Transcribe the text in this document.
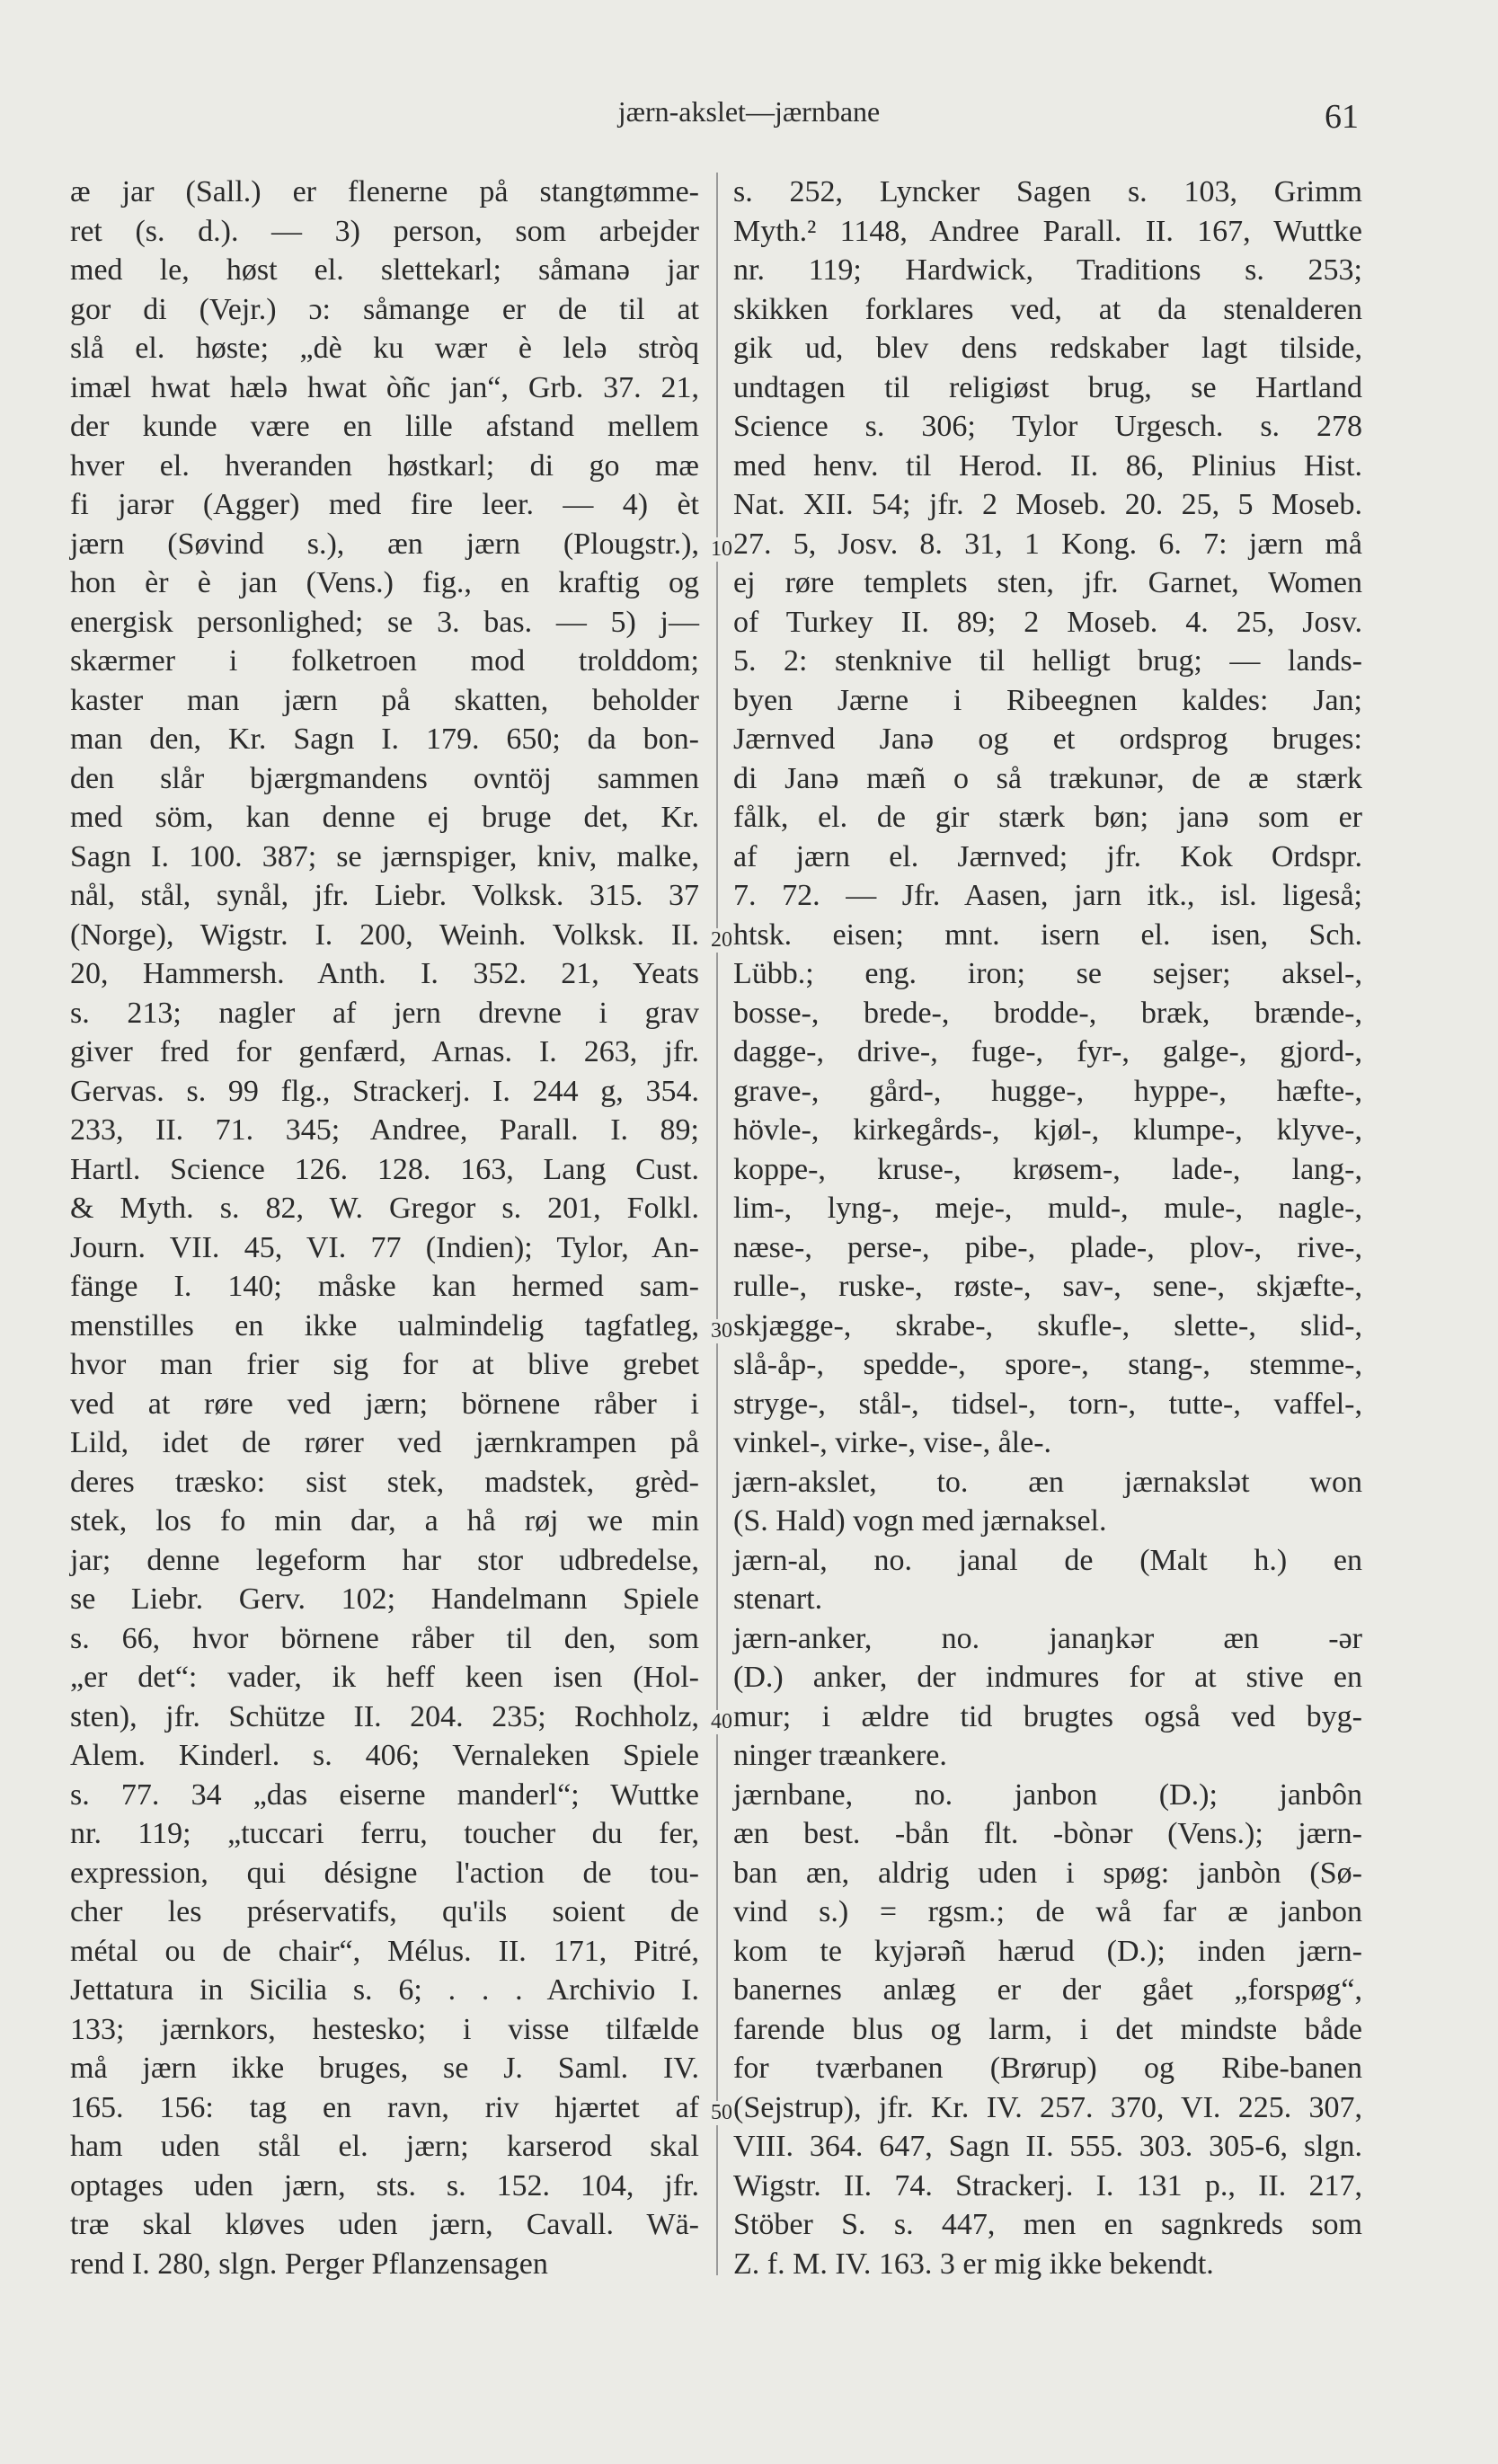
jærn-akslet—jærnbane	61
10
20
30
40
50
æ jar (Sall.) er flenerne på stangtømme-
ret (s. d.). — 3) person, som arbejder
med le, høst el. slettekarl; såmanə jar
gor di (Vejr.) ɔ: såmange er de til at
slå el. høste; „dè ku wær è lelə stròq
imæl hwat hælə hwat òñc jan“, Grb. 37. 21,
der kunde være en lille afstand mellem
hver el. hveranden høstkarl; di go mæ
fi jarər (Agger) med fire leer. — 4) èt
jærn (Søvind s.), æn jærn (Plougstr.),
hon èr è jan (Vens.) fig., en kraftig og
energisk personlighed; se 3. bas. — 5) j—
skærmer i folketroen mod trolddom;
kaster man jærn på skatten, beholder
man den, Kr. Sagn I. 179. 650; da bon-
den slår bjærgmandens ovntöj sammen
med söm, kan denne ej bruge det, Kr.
Sagn I. 100. 387; se jærnspiger, kniv, malke,
nål, stål, synål, jfr. Liebr. Volksk. 315. 37
(Norge), Wigstr. I. 200, Weinh. Volksk. II.
20, Hammersh. Anth. I. 352. 21, Yeats
s. 213; nagler af jern drevne i grav
giver fred for genfærd, Arnas. I. 263, jfr.
Gervas. s. 99 flg., Strackerj. I. 244 g, 354.
233, II. 71. 345; Andree, Parall. I. 89;
Hartl. Science 126. 128. 163, Lang Cust.
& Myth. s. 82, W. Gregor s. 201, Folkl.
Journ. VII. 45, VI. 77 (Indien); Tylor, An-
fänge I. 140; måske kan hermed sam-
menstilles en ikke ualmindelig tagfatleg,
hvor man frier sig for at blive grebet
ved at røre ved jærn; börnene råber i
Lild, idet de rører ved jærnkrampen på
deres træsko: sist stek, madstek, grèd-
stek, los fo min dar, a hå røj we min
jar; denne legeform har stor udbredelse,
se Liebr. Gerv. 102; Handelmann Spiele
s. 66, hvor börnene råber til den, som
„er det“: vader, ik heff keen isen (Hol-
sten), jfr. Schütze II. 204. 235; Rochholz,
Alem. Kinderl. s. 406; Vernaleken Spiele
s. 77. 34 „das eiserne manderl“; Wuttke
nr. 119; „tuccari ferru, toucher du fer,
expression, qui désigne l'action de tou-
cher les préservatifs, qu'ils soient de
métal ou de chair“, Mélus. II. 171, Pitré,
Jettatura in Sicilia s. 6; . . . Archivio I.
133; jærnkors, hestesko; i visse tilfælde
må jærn ikke bruges, se J. Saml. IV.
165. 156: tag en ravn, riv hjærtet af
ham uden stål el. jærn; karserod skal
optages uden jærn, sts. s. 152. 104, jfr.
træ skal kløves uden jærn, Cavall. Wä-
rend I. 280, slgn. Perger Pflanzensagen
s. 252, Lyncker Sagen s. 103, Grimm
Myth.² 1148, Andree Parall. II. 167, Wuttke
nr. 119; Hardwick, Traditions s. 253;
skikken forklares ved, at da stenalderen
gik ud, blev dens redskaber lagt tilside,
undtagen til religiøst brug, se Hartland
Science s. 306; Tylor Urgesch. s. 278
med henv. til Herod. II. 86, Plinius Hist.
Nat. XII. 54; jfr. 2 Moseb. 20. 25, 5 Moseb.
27. 5, Josv. 8. 31, 1 Kong. 6. 7: jærn må
ej røre templets sten, jfr. Garnet, Women
of Turkey II. 89; 2 Moseb. 4. 25, Josv.
5. 2: stenknive til helligt brug; — lands-
byen Jærne i Ribeegnen kaldes: Jan;
Jærnved Janə og et ordsprog bruges:
di Janə mæñ o så trækunər, de æ stærk
fålk, el. de gir stærk bøn; janə som er
af jærn el. Jærnved; jfr. Kok Ordspr.
7. 72. — Jfr. Aasen, jarn itk., isl. ligeså;
htsk. eisen; mnt. isern el. isen, Sch.
Lübb.; eng. iron; se sejser; aksel-,
bosse-, brede-, brodde-, bræk, brænde-,
dagge-, drive-, fuge-, fyr-, galge-, gjord-,
grave-, gård-, hugge-, hyppe-, hæfte-,
hövle-, kirkegårds-, kjøl-, klumpe-, klyve-,
koppe-, kruse-, krøsem-, lade-, lang-,
lim-, lyng-, meje-, muld-, mule-, nagle-,
næse-, perse-, pibe-, plade-, plov-, rive-,
rulle-, ruske-, røste-, sav-, sene-, skjæfte-,
skjægge-, skrabe-, skufle-, slette-, slid-,
slå-åp-, spedde-, spore-, stang-, stemme-,
stryge-, stål-, tidsel-, torn-, tutte-, vaffel-,
vinkel-, virke-, vise-, åle-.
jærn-akslet, to. æn jærnakslət won
(S. Hald) vogn med jærnaksel.
jærn-al, no. janal de (Malt h.) en
stenart.
jærn-anker, no. janaŋkər æn -ər
(D.) anker, der indmures for at stive en
mur; i ældre tid brugtes også ved byg-
ninger træankere.
jærnbane, no. janbon (D.); janbôn
æn best. -bån flt. -bònər (Vens.); jærn-
ban æn, aldrig uden i spøg: janbòn (Sø-
vind s.) = rgsm.; de wå far æ janbon
kom te kyjərəñ hærud (D.); inden jærn-
banernes anlæg er der gået „forspøg“,
farende blus og larm, i det mindste både
for tværbanen (Brørup) og Ribe-banen
(Sejstrup), jfr. Kr. IV. 257. 370, VI. 225. 307,
VIII. 364. 647, Sagn II. 555. 303. 305-6, slgn.
Wigstr. II. 74. Strackerj. I. 131 p., II. 217,
Stöber S. s. 447, men en sagnkreds som
Z. f. M. IV. 163. 3 er mig ikke bekendt.
